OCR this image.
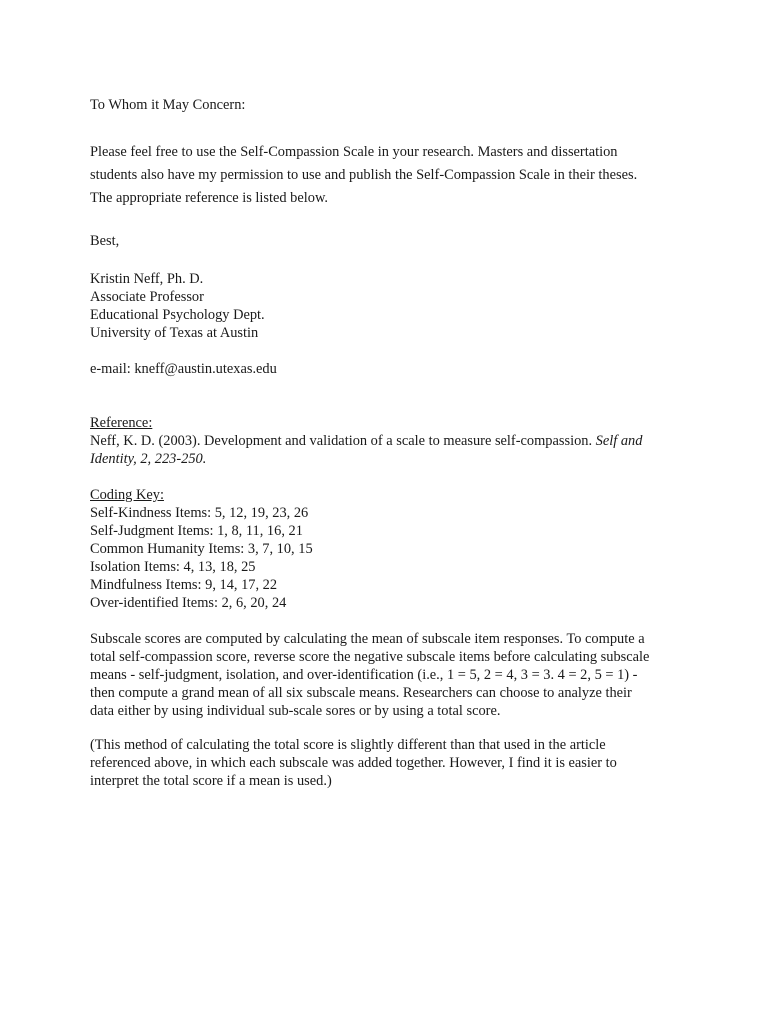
To Whom it May Concern:
Please feel free to use the Self-Compassion Scale in your research. Masters and dissertation
students also have my permission to use and publish the Self-Compassion Scale in their theses.
The appropriate reference is listed below.
Best,
Kristin Neff, Ph. D.
Associate Professor
Educational Psychology Dept.
University of Texas at Austin
e-mail: kneff@austin.utexas.edu
Reference:
Neff, K. D. (2003). Development and validation of a scale to measure self-compassion. Self and
Identity, 2, 223-250.
Coding Key:
Self-Kindness Items: 5, 12, 19, 23, 26
Self-Judgment Items: 1, 8, 11, 16, 21
Common Humanity Items: 3, 7, 10, 15
Isolation Items: 4, 13, 18, 25
Mindfulness Items: 9, 14, 17, 22
Over-identified Items: 2, 6, 20, 24
Subscale scores are computed by calculating the mean of subscale item responses. To compute a
total self-compassion score, reverse score the negative subscale items before calculating subscale
means - self-judgment, isolation, and over-identification (i.e., 1 = 5, 2 = 4, 3 = 3. 4 = 2, 5 = 1) -
then compute a grand mean of all six subscale means. Researchers can choose to analyze their
data either by using individual sub-scale sores or by using a total score.
(This method of calculating the total score is slightly different than that used in the article
referenced above, in which each subscale was added together. However, I find it is easier to
interpret the total score if a mean is used.)
